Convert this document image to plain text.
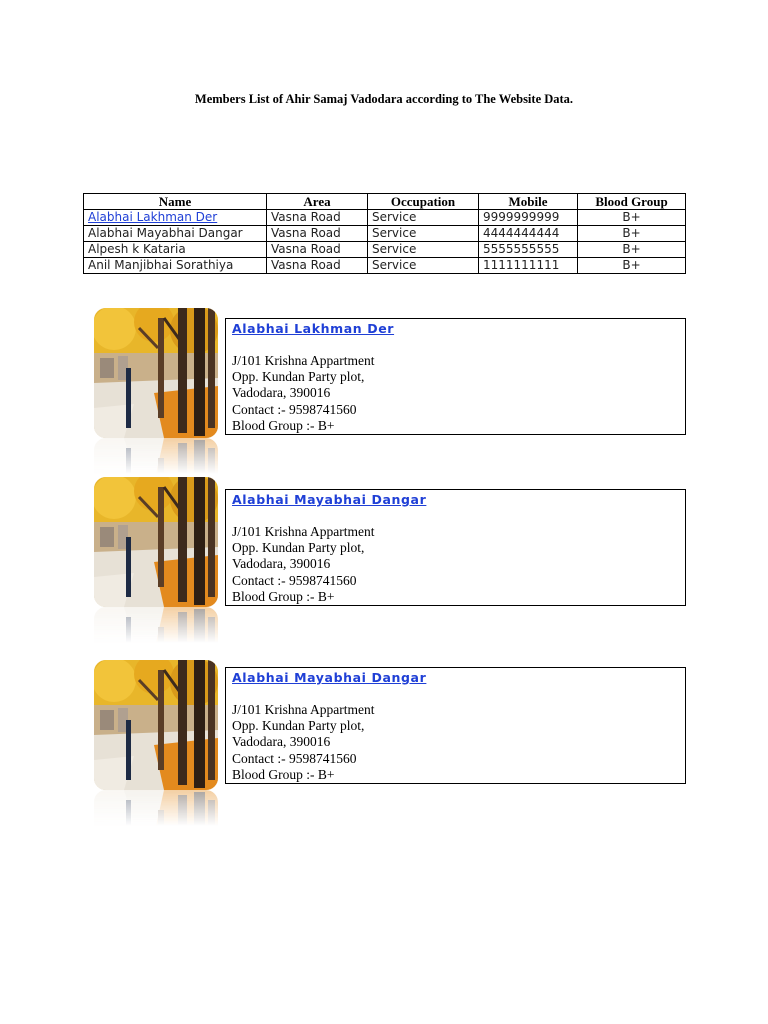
Members List of Ahir Samaj Vadodara according to The Website Data.
Name	Area	Occupation	Mobile	Blood Group
Alabhai Lakhman Der	Vasna Road	Service	9999999999	B+
Alabhai Mayabhai Dangar	Vasna Road	Service	4444444444	B+
Alpesh k Kataria	Vasna Road	Service	5555555555	B+
Anil Manjibhai Sorathiya	Vasna Road	Service	1111111111	B+
Alabhai Lakhman Der
J/101 Krishna Appartment
Opp. Kundan Party plot,
Vadodara, 390016
Contact :- 9598741560
Blood Group :- B+
Alabhai Mayabhai Dangar
J/101 Krishna Appartment
Opp. Kundan Party plot,
Vadodara, 390016
Contact :- 9598741560
Blood Group :- B+
Alabhai Mayabhai Dangar
J/101 Krishna Appartment
Opp. Kundan Party plot,
Vadodara, 390016
Contact :- 9598741560
Blood Group :- B+
